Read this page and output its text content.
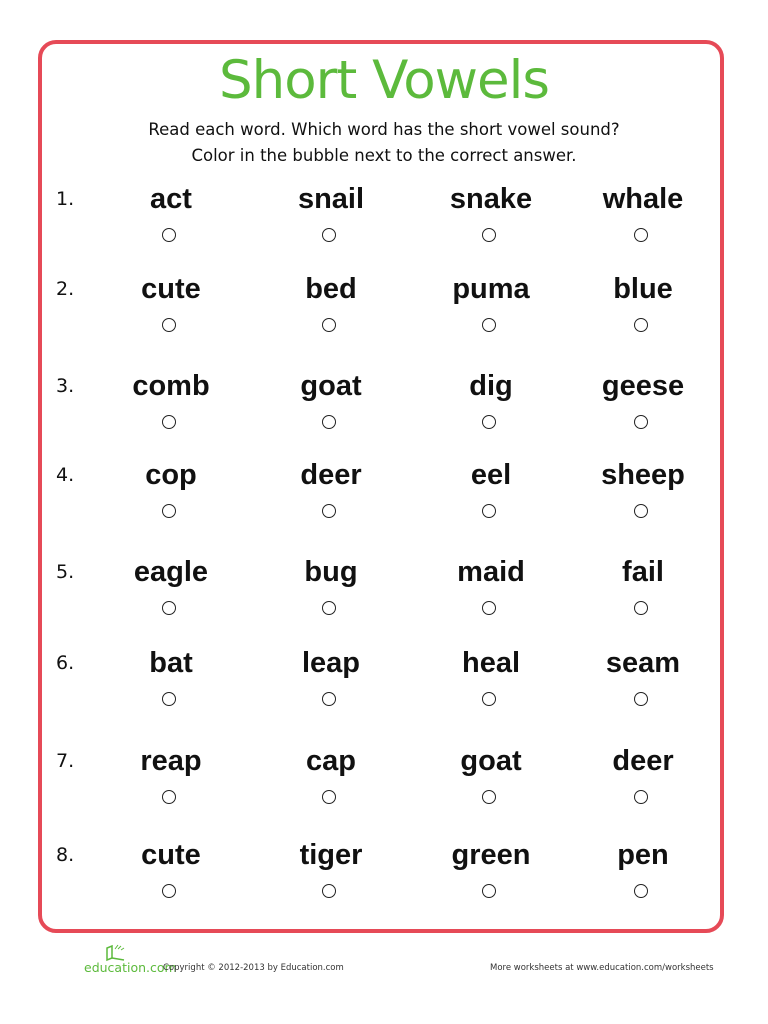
Short Vowels
Read each word. Which word has the short vowel sound?
Color in the bubble next to the correct answer.
1.	act	snail	snake	whale
2.	cute	bed	puma	blue
3.	comb	goat	dig	geese
4.	cop	deer	eel	sheep
5.	eagle	bug	maid	fail
6.	bat	leap	heal	seam
7.	reap	cap	goat	deer
8.	cute	tiger	green	pen
education.com
Copyright © 2012-2013 by Education.com	More worksheets at www.education.com/worksheets
